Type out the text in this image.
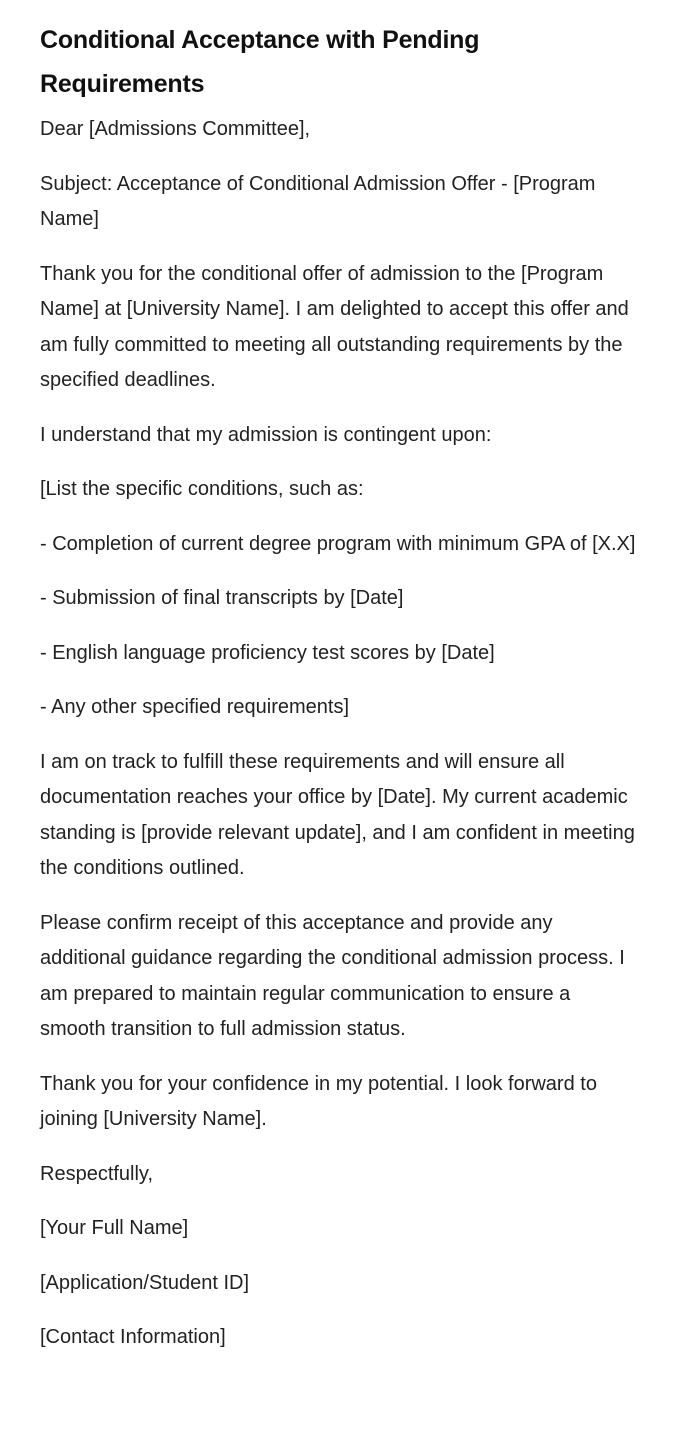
Conditional Acceptance with Pending Requirements

Dear [Admissions Committee],

Subject: Acceptance of Conditional Admission Offer - [Program Name]

Thank you for the conditional offer of admission to the [Program Name] at [University Name]. I am delighted to accept this offer and am fully committed to meeting all outstanding requirements by the specified deadlines.

I understand that my admission is contingent upon:

[List the specific conditions, such as:

- Completion of current degree program with minimum GPA of [X.X]

- Submission of final transcripts by [Date]

- English language proficiency test scores by [Date]

- Any other specified requirements]

I am on track to fulfill these requirements and will ensure all documentation reaches your office by [Date]. My current academic standing is [provide relevant update], and I am confident in meeting the conditions outlined.

Please confirm receipt of this acceptance and provide any additional guidance regarding the conditional admission process. I am prepared to maintain regular communication to ensure a smooth transition to full admission status.

Thank you for your confidence in my potential. I look forward to joining [University Name].

Respectfully,

[Your Full Name]

[Application/Student ID]

[Contact Information]
